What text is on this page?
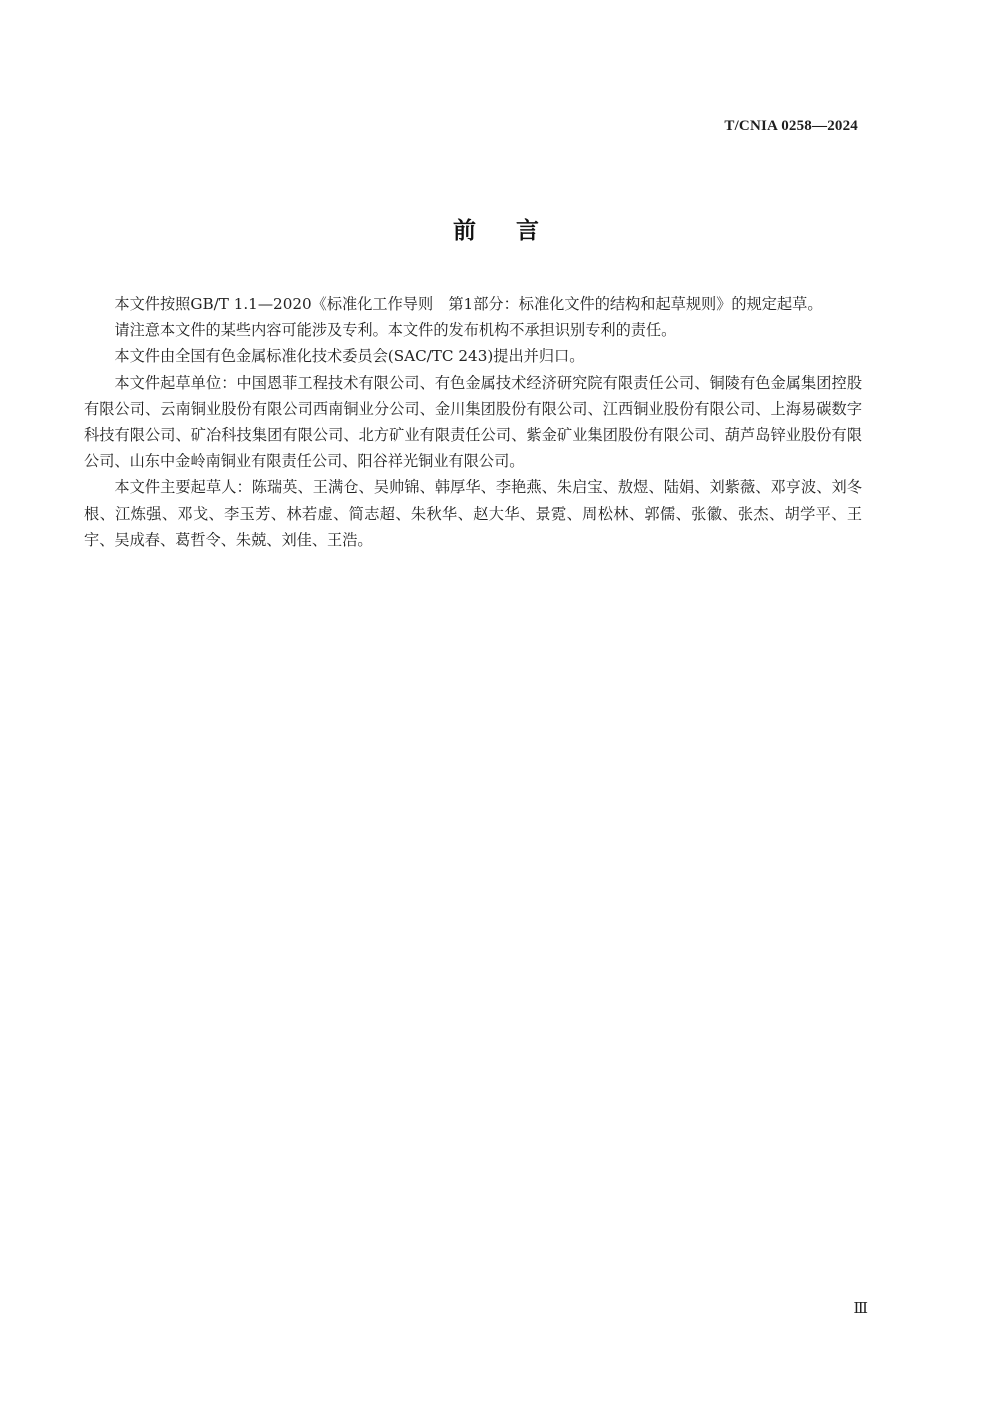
T/CNIA 0258—2024
前言

本文件按照GB/T 1.1—2020《标准化工作导则　第1部分：标准化文件的结构和起草规则》的规定起草。

请注意本文件的某些内容可能涉及专利。本文件的发布机构不承担识别专利的责任。

本文件由全国有色金属标准化技术委员会(SAC/TC 243)提出并归口。

本文件起草单位：中国恩菲工程技术有限公司、有色金属技术经济研究院有限责任公司、铜陵有色金属集团控股有限公司、云南铜业股份有限公司西南铜业分公司、金川集团股份有限公司、江西铜业股份有限公司、上海易碳数字科技有限公司、矿冶科技集团有限公司、北方矿业有限责任公司、紫金矿业集团股份有限公司、葫芦岛锌业股份有限公司、山东中金岭南铜业有限责任公司、阳谷祥光铜业有限公司。

本文件主要起草人：陈瑞英、王满仓、吴帅锦、韩厚华、李艳燕、朱启宝、敖煜、陆娟、刘紫薇、邓亨波、刘冬根、江炼强、邓戈、李玉芳、林若虚、简志超、朱秋华、赵大华、景霓、周松林、郭儒、张徽、张杰、胡学平、王宇、吴成春、葛哲令、朱兢、刘佳、王浩。

Ⅲ
